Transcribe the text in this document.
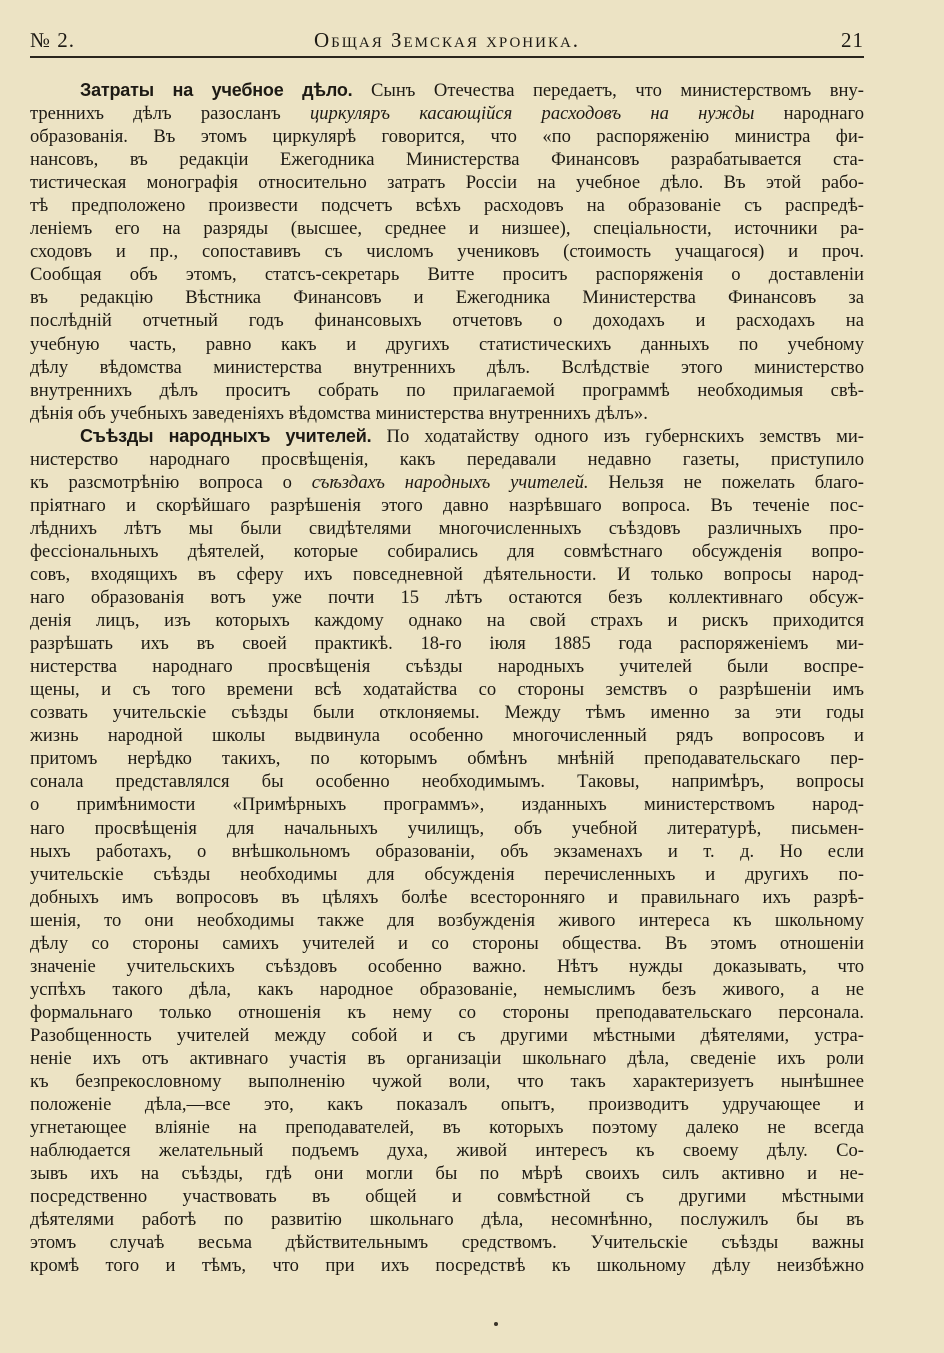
№ 2.	Общая Земская хроника.	21
Затраты на учебное дѣло. Сынъ Отечества передаетъ, что министерствомъ вну-
треннихъ дѣлъ разосланъ циркуляръ касающійся расходовъ на нужды народнаго
образованія. Въ этомъ циркулярѣ говорится, что «по распоряженію министра фи-
нансовъ, въ редакціи Ежегодника Министерства Финансовъ разрабатывается ста-
тистическая монографія относительно затратъ Россіи на учебное дѣло. Въ этой рабо-
тѣ предположено произвести подсчетъ всѣхъ расходовъ на образованіе съ распредѣ-
леніемъ его на разряды (высшее, среднее и низшее), спеціальности, источники ра-
сходовъ и пр., сопоставивъ съ числомъ учениковъ (стоимость учащагося) и проч.
Сообщая объ этомъ, статсъ-секретарь Витте проситъ распоряженія о доставленіи
въ редакцію Вѣстника Финансовъ и Ежегодника Министерства Финансовъ за
послѣдній отчетный годъ финансовыхъ отчетовъ о доходахъ и расходахъ на
учебную часть, равно какъ и другихъ статистическихъ данныхъ по учебному
дѣлу вѣдомства министерства внутреннихъ дѣлъ. Вслѣдствіе этого министерство
внутреннихъ дѣлъ проситъ собрать по прилагаемой программѣ необходимыя свѣ-
дѣнія объ учебныхъ заведеніяхъ вѣдомства министерства внутреннихъ дѣлъ».
Съѣзды народныхъ учителей. По ходатайству одного изъ губернскихъ земствъ ми-
нистерство народнаго просвѣщенія, какъ передавали недавно газеты, приступило
къ разсмотрѣнію вопроса о съѣздахъ народныхъ учителей. Нельзя не пожелать благо-
пріятнаго и скорѣйшаго разрѣшенія этого давно назрѣвшаго вопроса. Въ теченіе пос-
лѣднихъ лѣтъ мы были свидѣтелями многочисленныхъ съѣздовъ различныхъ про-
фессіональныхъ дѣятелей, которые собирались для совмѣстнаго обсужденія вопро-
совъ, входящихъ въ сферу ихъ повседневной дѣятельности. И только вопросы народ-
наго образованія вотъ уже почти 15 лѣтъ остаются безъ коллективнаго обсуж-
денія лицъ, изъ которыхъ каждому однако на свой страхъ и рискъ приходится
разрѣшать ихъ въ своей практикѣ. 18-го іюля 1885 года распоряженіемъ ми-
нистерства народнаго просвѣщенія съѣзды народныхъ учителей были воспре-
щены, и съ того времени всѣ ходатайства со стороны земствъ о разрѣшеніи имъ
созвать учительскіе съѣзды были отклоняемы. Между тѣмъ именно за эти годы
жизнь народной школы выдвинула особенно многочисленный рядъ вопросовъ и
притомъ нерѣдко такихъ, по которымъ обмѣнъ мнѣній преподавательскаго пер-
сонала представлялся бы особенно необходимымъ. Таковы, напримѣръ, вопросы
о примѣнимости «Примѣрныхъ программъ», изданныхъ министерствомъ народ-
наго просвѣщенія для начальныхъ училищъ, объ учебной литературѣ, письмен-
ныхъ работахъ, о внѣшкольномъ образованіи, объ экзаменахъ и т. д. Но если
учительскіе съѣзды необходимы для обсужденія перечисленныхъ и другихъ по-
добныхъ имъ вопросовъ въ цѣляхъ болѣе всесторонняго и правильнаго ихъ разрѣ-
шенія, то они необходимы также для возбужденія живого интереса къ школьному
дѣлу со стороны самихъ учителей и со стороны общества. Въ этомъ отношеніи
значеніе учительскихъ съѣздовъ особенно важно. Нѣтъ нужды доказывать, что
успѣхъ такого дѣла, какъ народное образованіе, немыслимъ безъ живого, а не
формальнаго только отношенія къ нему со стороны преподавательскаго персонала.
Разобщенность учителей между собой и съ другими мѣстными дѣятелями, устра-
неніе ихъ отъ активнаго участія въ организаціи школьнаго дѣла, сведеніе ихъ роли
къ безпрекословному выполненію чужой воли, что такъ характеризуетъ нынѣшнее
положеніе дѣла,—все это, какъ показалъ опытъ, производитъ удручающее и
угнетающее вліяніе на преподавателей, въ которыхъ поэтому далеко не всегда
наблюдается желательный подъемъ духа, живой интересъ къ своему дѣлу. Со-
зывъ ихъ на съѣзды, гдѣ они могли бы по мѣрѣ своихъ силъ активно и не-
посредственно участвовать въ общей и совмѣстной съ другими мѣстными
дѣятелями работѣ по развитію школьнаго дѣла, несомнѣнно, послужилъ бы въ
этомъ случаѣ весьма дѣйствительнымъ средствомъ. Учительскіе съѣзды важны
кромѣ того и тѣмъ, что при ихъ посредствѣ къ школьному дѣлу неизбѣжно
